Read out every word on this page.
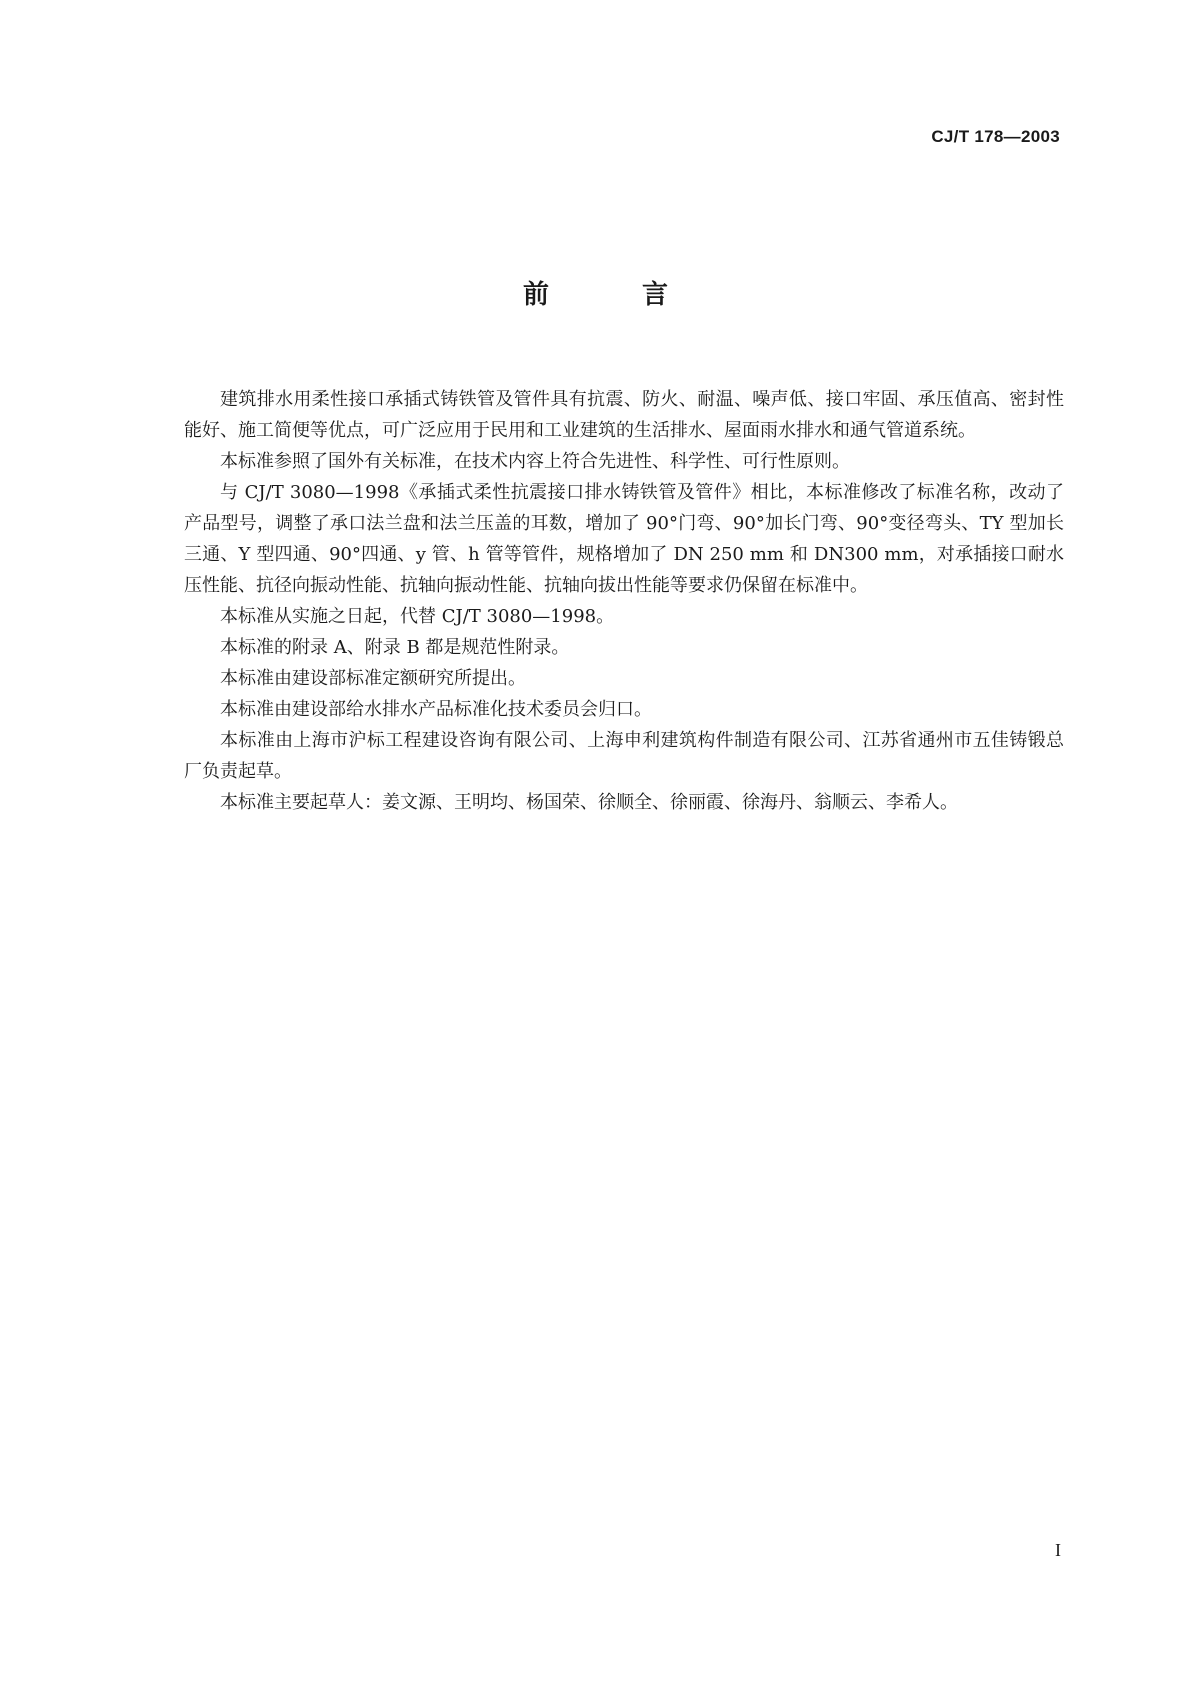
CJ/T 178—2003
前 言

建筑排水用柔性接口承插式铸铁管及管件具有抗震、防火、耐温、噪声低、接口牢固、承压值高、密封性能好、施工简便等优点，可广泛应用于民用和工业建筑的生活排水、屋面雨水排水和通气管道系统。

本标准参照了国外有关标准，在技术内容上符合先进性、科学性、可行性原则。

与 CJ/T 3080—1998《承插式柔性抗震接口排水铸铁管及管件》相比，本标准修改了标准名称，改动了产品型号，调整了承口法兰盘和法兰压盖的耳数，增加了 90°门弯、90°加长门弯、90°变径弯头、TY 型加长三通、Y 型四通、90°四通、y 管、h 管等管件，规格增加了 DN 250 mm 和 DN300 mm，对承插接口耐水压性能、抗径向振动性能、抗轴向振动性能、抗轴向拔出性能等要求仍保留在标准中。

本标准从实施之日起，代替 CJ/T 3080—1998。

本标准的附录 A、附录 B 都是规范性附录。

本标准由建设部标准定额研究所提出。

本标准由建设部给水排水产品标准化技术委员会归口。

本标准由上海市沪标工程建设咨询有限公司、上海申利建筑构件制造有限公司、江苏省通州市五佳铸锻总厂负责起草。

本标准主要起草人：姜文源、王明均、杨国荣、徐顺全、徐丽霞、徐海丹、翁顺云、李希人。

I
